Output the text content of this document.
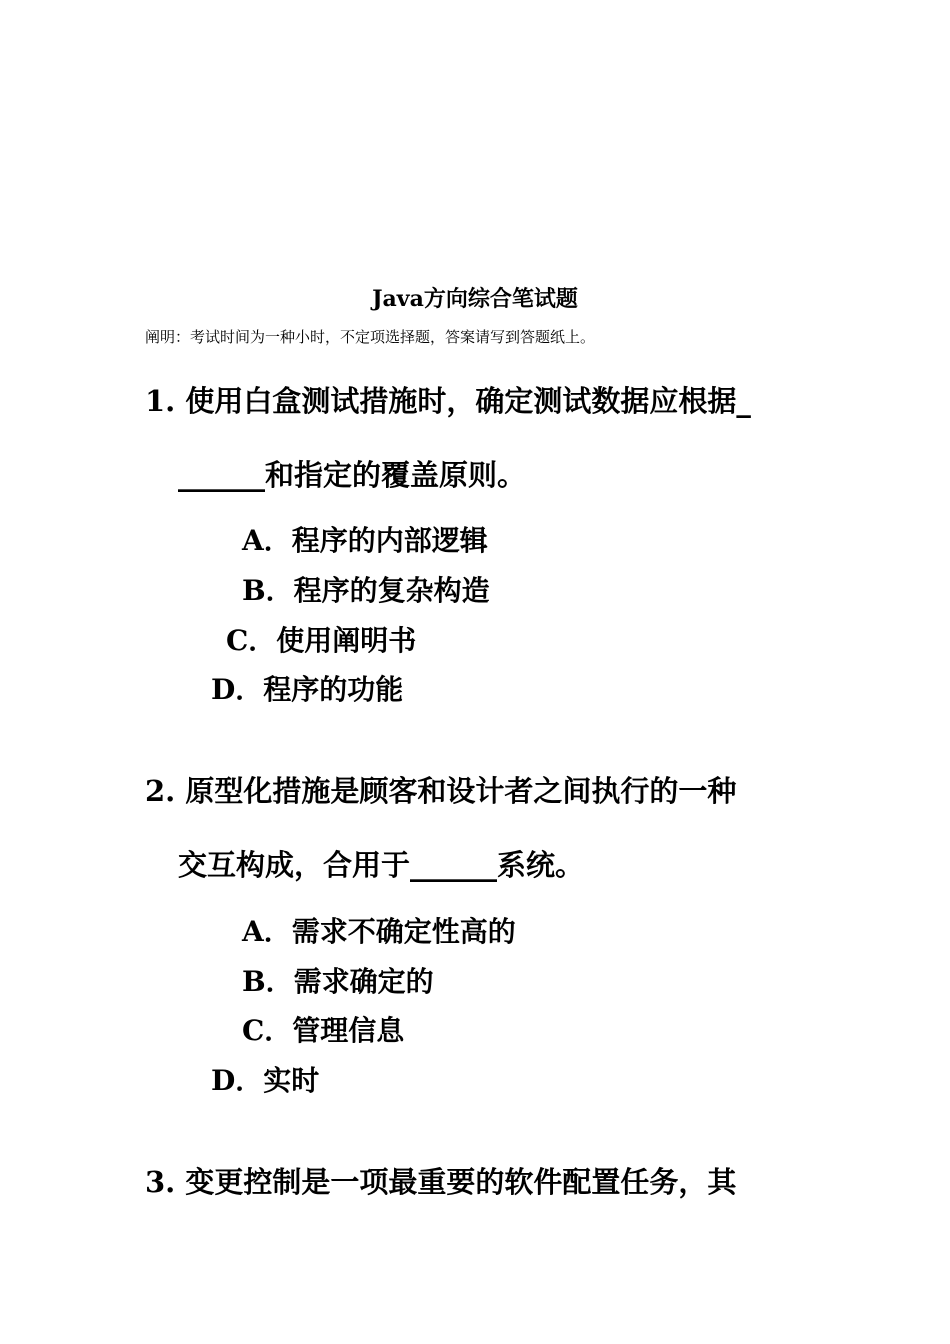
Java方向综合笔试题
阐明：考试时间为一种小时，不定项选择题，答案请写到答题纸上。
1. 使用白盒测试措施时，确定测试数据应根据_
______和指定的覆盖原则。
A．程序的内部逻辑
B．程序的复杂构造
C．使用阐明书
D．程序的功能
2. 原型化措施是顾客和设计者之间执行的一种
交互构成，合用于______系统。
A．需求不确定性高的
B．需求确定的
C．管理信息
D．实时
3. 变更控制是一项最重要的软件配置任务，其
